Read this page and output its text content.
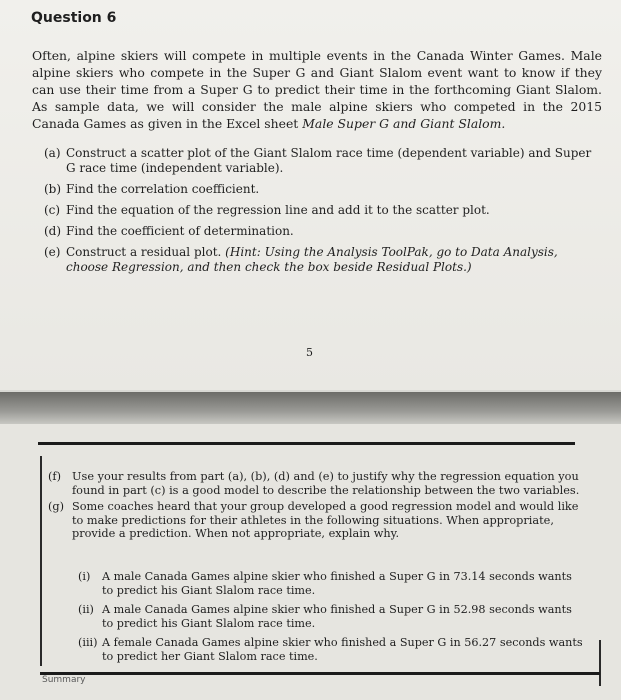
Question 6
Often, alpine skiers will compete in multiple events in the Canada Winter Games. Male alpine skiers who compete in the Super G and Giant Slalom event want to know if they can use their time from a Super G to predict their time in the forthcoming Giant Slalom. As sample data, we will consider the male alpine skiers who competed in the 2015 Canada Games as given in the Excel sheet Male Super G and Giant Slalom.
(a) Construct a scatter plot of the Giant Slalom race time (dependent variable) and Super G race time (independent variable).
(b) Find the correlation coefficient.
(c) Find the equation of the regression line and add it to the scatter plot.
(d) Find the coefficient of determination.
(e) Construct a residual plot. (Hint: Using the Analysis ToolPak, go to Data Analysis, choose Regression, and then check the box beside Residual Plots.)
5
(f) Use your results from part (a), (b), (d) and (e) to justify why the regression equation you found in part (c) is a good model to describe the relationship between the two variables.
(g) Some coaches heard that your group developed a good regression model and would like to make predictions for their athletes in the following situations. When appropriate, provide a prediction. When not appropriate, explain why.
(i)	A male Canada Games alpine skier who finished a Super G in 73.14 seconds wants to predict his Giant Slalom race time.
(ii) A male Canada Games alpine skier who finished a Super G in 52.98 seconds wants to predict his Giant Slalom race time.
(iii) A female Canada Games alpine skier who finished a Super G in 56.27 seconds wants to predict her Giant Slalom race time.
Summary
